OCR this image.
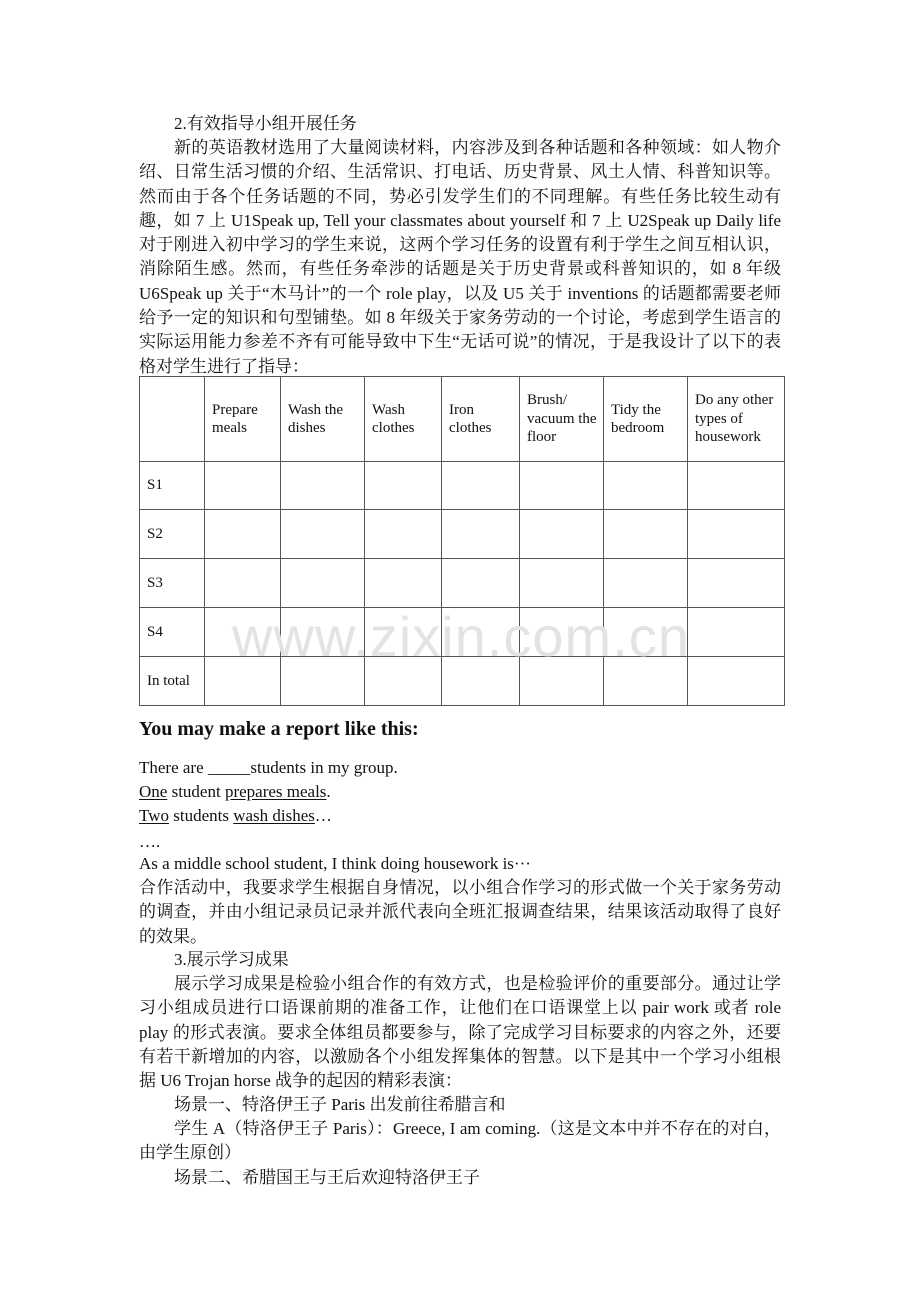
2.有效指导小组开展任务

新的英语教材选用了大量阅读材料，内容涉及到各种话题和各种领域：如人物介绍、日常生活习惯的介绍、生活常识、打电话、历史背景、风土人情、科普知识等。然而由于各个任务话题的不同，势必引发学生们的不同理解。有些任务比较生动有趣，如 7 上 U1Speak up, Tell your classmates about yourself 和 7 上 U2Speak up Daily life 对于刚进入初中学习的学生来说，这两个学习任务的设置有利于学生之间互相认识，消除陌生感。然而，有些任务牵涉的话题是关于历史背景或科普知识的，如 8 年级 U6Speak up 关于“木马计”的一个 role play，以及 U5 关于 inventions 的话题都需要老师给予一定的知识和句型铺垫。如 8 年级关于家务劳动的一个讨论，考虑到学生语言的实际运用能力参差不齐有可能导致中下生“无话可说”的情况，于是我设计了以下的表格对学生进行了指导：

	Prepare meals	Wash the dishes	Wash clothes	Iron clothes	Brush/ vacuum the floor	Tidy the bedroom	Do any other types of housework
S1							
S2							
S3							
S4							
In total							
www.zixin.com.cn
You may make a report like this:
There are _____students in my group.
One student prepares meals.
Two students wash dishes…
….
As a middle school student, I think doing housework is···

合作活动中，我要求学生根据自身情况，以小组合作学习的形式做一个关于家务劳动的调查，并由小组记录员记录并派代表向全班汇报调查结果，结果该活动取得了良好的效果。

3.展示学习成果

展示学习成果是检验小组合作的有效方式，也是检验评价的重要部分。通过让学习小组成员进行口语课前期的准备工作，让他们在口语课堂上以 pair work 或者 role play 的形式表演。要求全体组员都要参与，除了完成学习目标要求的内容之外，还要有若干新增加的内容，以激励各个小组发挥集体的智慧。以下是其中一个学习小组根据 U6 Trojan horse 战争的起因的精彩表演：

场景一、特洛伊王子 Paris 出发前往希腊言和

学生 A（特洛伊王子 Paris）：Greece, I am coming.（这是文本中并不存在的对白，由学生原创）

场景二、希腊国王与王后欢迎特洛伊王子
